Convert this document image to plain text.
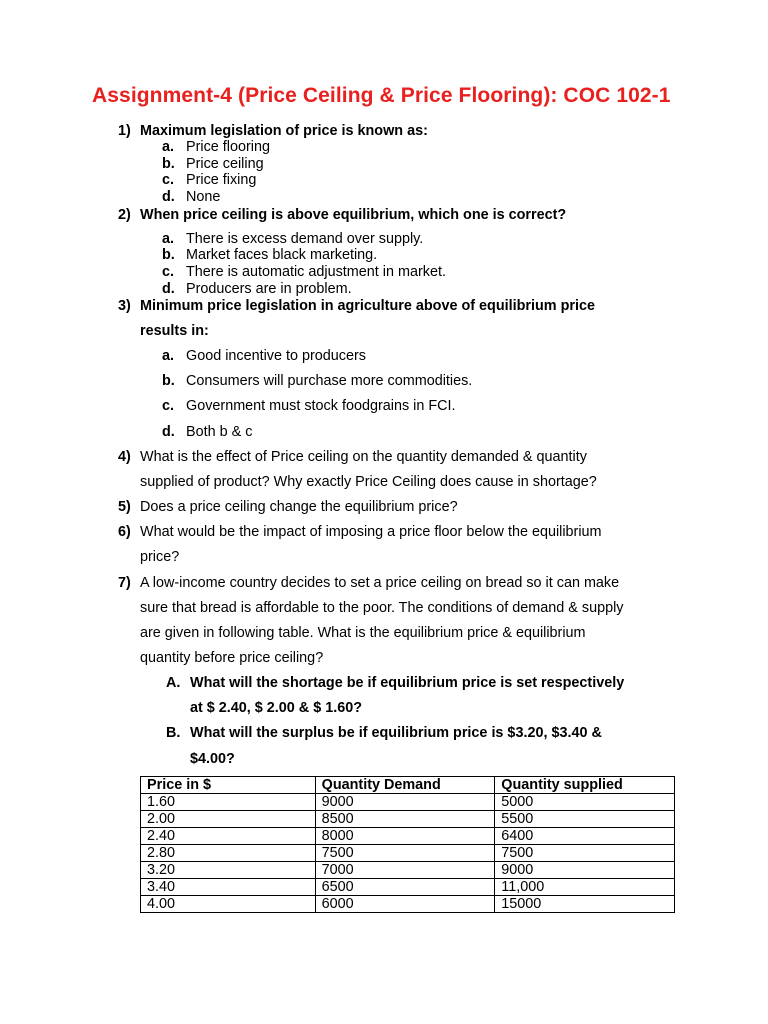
Assignment-4 (Price Ceiling & Price Flooring): COC 102-1
1) Maximum legislation of price is known as:
a. Price flooring
b. Price ceiling
c. Price fixing
d. None
2) When price ceiling is above equilibrium, which one is correct?
a. There is excess demand over supply.
b. Market faces black marketing.
c. There is automatic adjustment in market.
d. Producers are in problem.
3) Minimum price legislation in agriculture above of equilibrium price
results in:
a. Good incentive to producers
b. Consumers will purchase more commodities.
c. Government must stock foodgrains in FCI.
d. Both b & c
4) What is the effect of Price ceiling on the quantity demanded & quantity
supplied of product? Why exactly Price Ceiling does cause in shortage?
5) Does a price ceiling change the equilibrium price?
6) What would be the impact of imposing a price floor below the equilibrium
price?
7) A low-income country decides to set a price ceiling on bread so it can make
sure that bread is affordable to the poor. The conditions of demand & supply
are given in following table. What is the equilibrium price & equilibrium
quantity before price ceiling?
A. What will the shortage be if equilibrium price is set respectively
at $ 2.40, $ 2.00 & $ 1.60?
B. What will the surplus be if equilibrium price is $3.20, $3.40 &
$4.00?
Price in $	Quantity Demand	Quantity supplied
1.60	9000	5000
2.00	8500	5500
2.40	8000	6400
2.80	7500	7500
3.20	7000	9000
3.40	6500	11,000
4.00	6000	15000
